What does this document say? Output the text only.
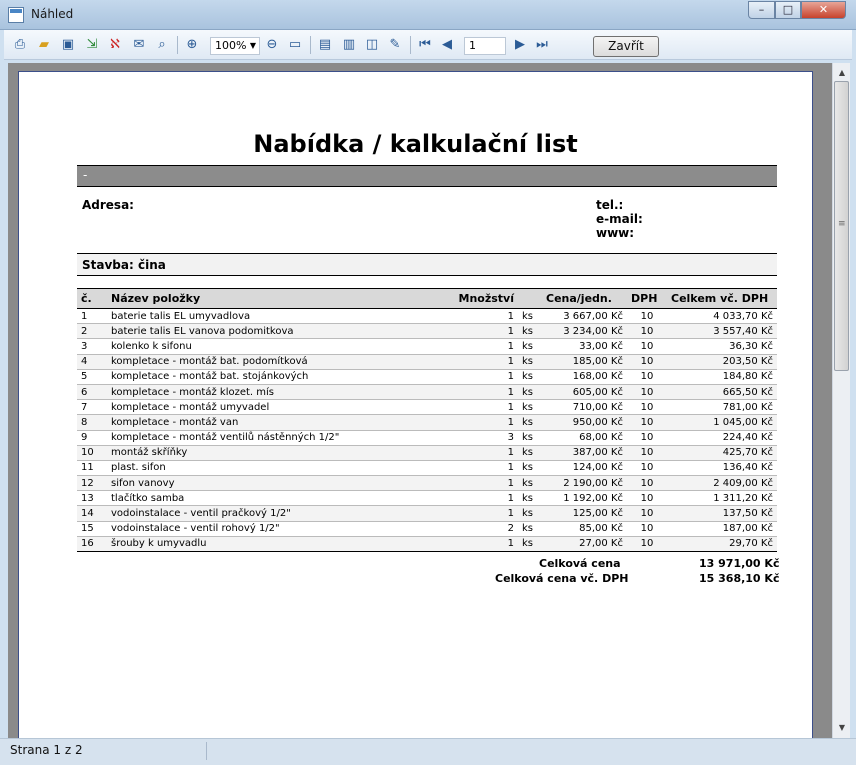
Náhled	–	□	✕
⎙ ▰ ▣ ⇲ ℵ ✉	⌕	⊕	100% ▼ ⊖ ▭ ▤ ▥ ◫ ✎ ⏮ ◀	1	▶ ⏭	Zavřít
Nabídka / kalkulační list
-
Adresa:	tel.:
e-mail:
www:
Stavba: čina
č.	Název položky	Množství		Cena/jedn.	DPH	Celkem vč. DPH
1	baterie talis EL umyvadlova	1	ks	3 667,00 Kč	10	4 033,70 Kč
2	baterie talis EL vanova podomitkova	1	ks	3 234,00 Kč	10	3 557,40 Kč
3	kolenko k sifonu	1	ks	33,00 Kč	10	36,30 Kč
4	kompletace - montáž bat. podomítková	1	ks	185,00 Kč	10	203,50 Kč
5	kompletace - montáž bat. stojánkových	1	ks	168,00 Kč	10	184,80 Kč
6	kompletace - montáž klozet. mís	1	ks	605,00 Kč	10	665,50 Kč
7	kompletace - montáž umyvadel	1	ks	710,00 Kč	10	781,00 Kč
8	kompletace - montáž van	1	ks	950,00 Kč	10	1 045,00 Kč
9	kompletace - montáž ventilů nástěnných 1/2"	3	ks	68,00 Kč	10	224,40 Kč
10	montáž skříňky	1	ks	387,00 Kč	10	425,70 Kč
11	plast. sifon	1	ks	124,00 Kč	10	136,40 Kč
12	sifon vanovy	1	ks	2 190,00 Kč	10	2 409,00 Kč
13	tlačítko samba	1	ks	1 192,00 Kč	10	1 311,20 Kč
14	vodoinstalace - ventil pračkový 1/2"	1	ks	125,00 Kč	10	137,50 Kč
15	vodoinstalace - ventil rohový 1/2"	2	ks	85,00 Kč	10	187,00 Kč
16	šrouby k umyvadlu	1	ks	27,00 Kč	10	29,70 Kč
Celková cena	13 971,00 Kč
Celková cena vč. DPH	15 368,10 Kč
▲
≡
▼
Strana 1 z 2
